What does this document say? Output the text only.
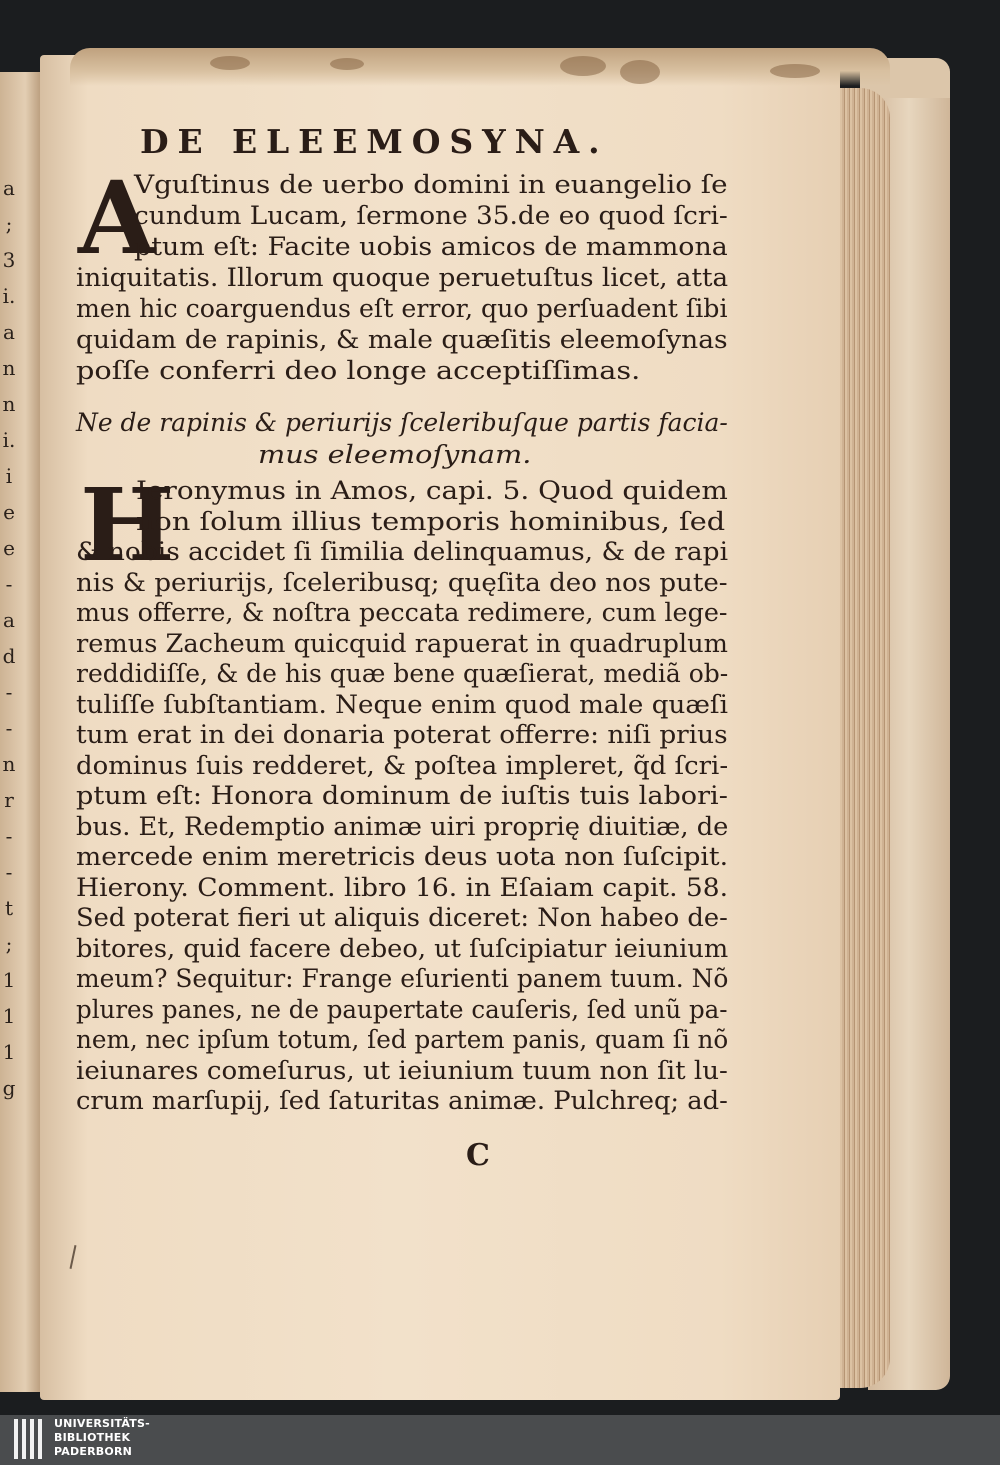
a
;
3
i.
a
n
n
i.
i
e
e
-
a
d
-
-
n
r
-
-
t
;
1
1
1
g
DE ELEEMOSYNA.
A
Vguſtinus de uerbo domini in euangelio ſe
cundum Lucam, ſermone 35.de eo quod ſcri-
ptum eſt: Facite uobis amicos de mammona
iniquitatis. Illorum quoque peruetuſtus licet, atta
men hic coarguendus eſt error, quo perſuadent ſibi
quidam de rapinis, & male quæſitis eleemoſynas
poſſe conferri deo longe acceptiſſimas.
Ne de rapinis & periurijs ſceleribuſque partis facia-
mus eleemoſynam.
H
Ieronymus in Amos, capi. 5. Quod quidem
non ſolum illius temporis hominibus, ſed
& nobis accidet ſi ſimilia delinquamus, & de rapi
nis & periurijs, ſceleribusq; quęſita deo nos pute-
mus offerre, & noſtra peccata redimere, cum lege-
remus Zacheum quicquid rapuerat in quadruplum
reddidiſſe, & de his quæ bene quæſierat, mediã ob-
tuliſſe ſubſtantiam. Neque enim quod male quæſi
tum erat in dei donaria poterat offerre: niſi prius
dominus ſuis redderet, & poſtea impleret, q̃d ſcri-
ptum eſt: Honora dominum de iuſtis tuis labori-
bus. Et, Redemptio animæ uiri proprię diuitiæ, de
mercede enim meretricis deus uota non ſuſcipit.
Hierony. Comment. libro 16. in Eſaiam capit. 58.
Sed poterat fieri ut aliquis diceret: Non habeo de-
bitores, quid facere debeo, ut ſuſcipiatur ieiunium
meum? Sequitur: Frange eſurienti panem tuum. Nõ
plures panes, ne de paupertate cauſeris, ſed unũ pa-
nem, nec ipſum totum, ſed partem panis, quam ſi nõ
ieiunares comeſurus, ut ieiunium tuum non ſit lu-
crum marſupij, ſed ſaturitas animæ. Pulchreq; ad-
C
UNIVERSITÄTS-
BIBLIOTHEK
PADERBORN
